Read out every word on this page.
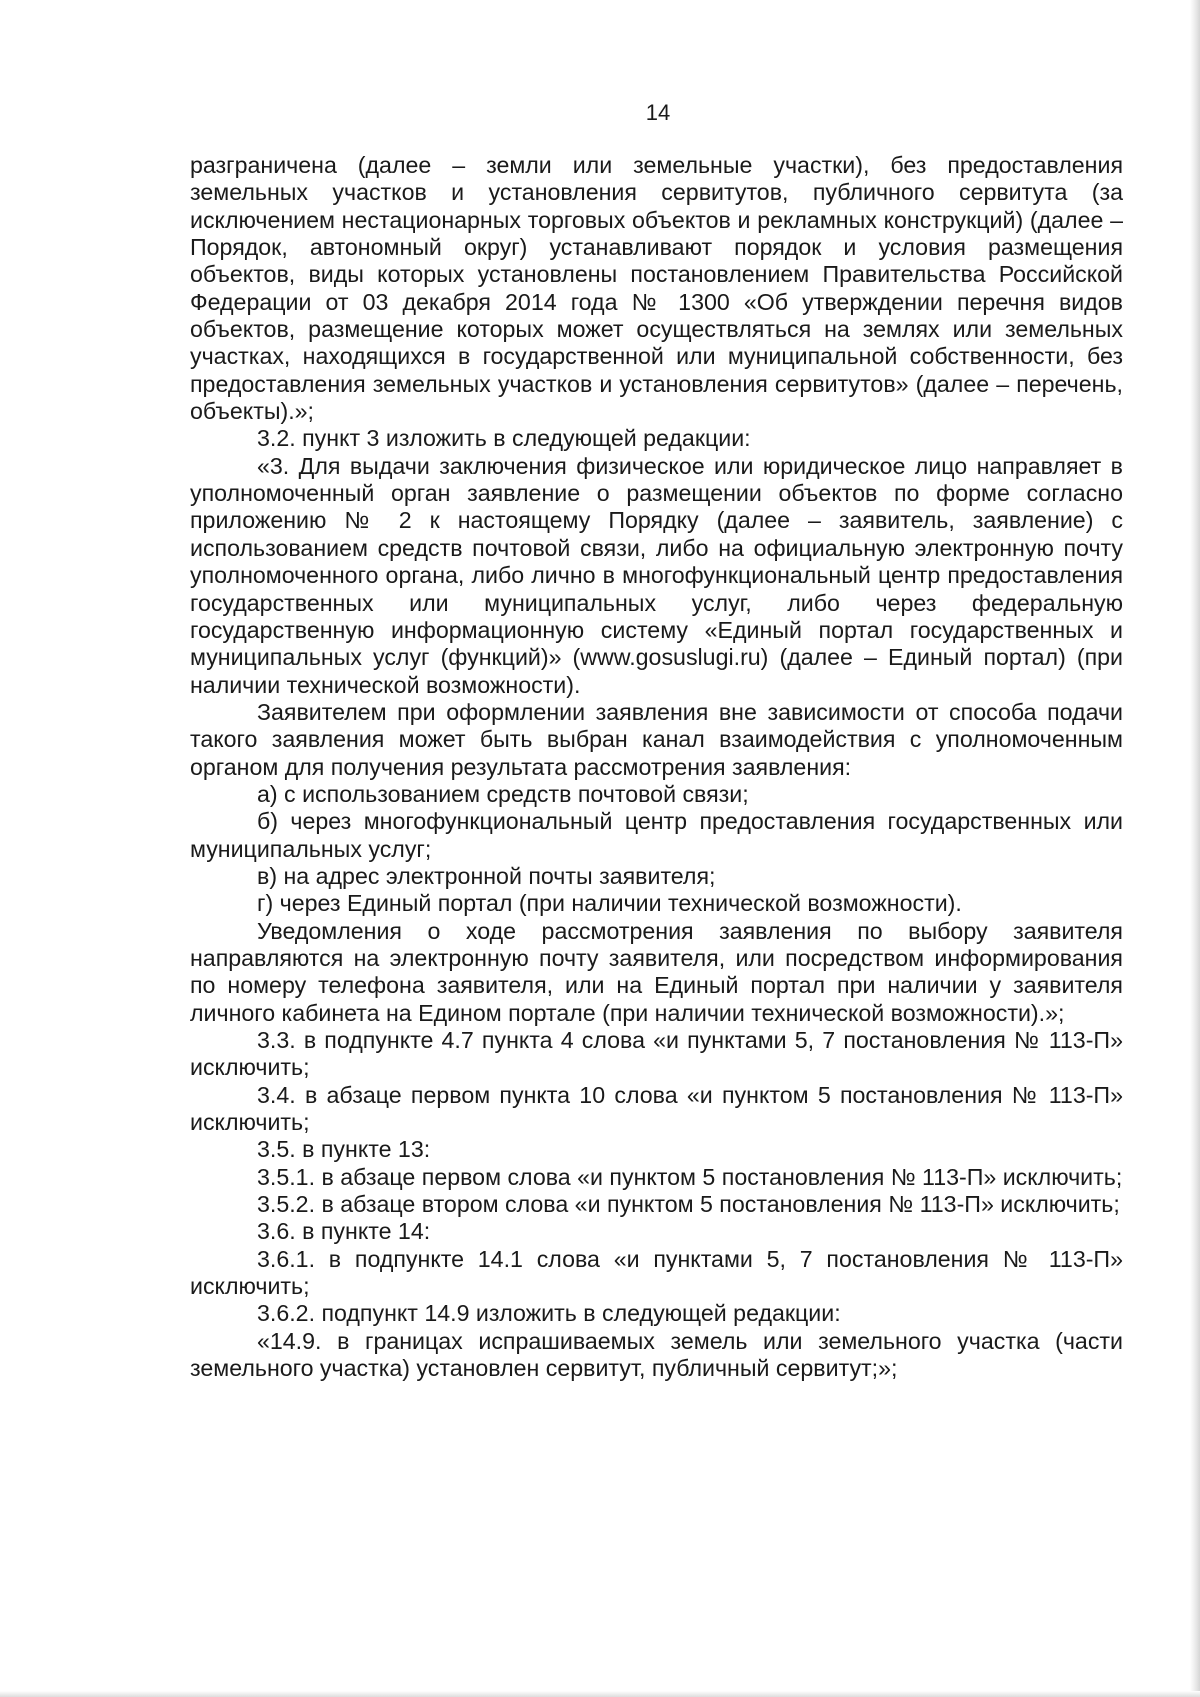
14

разграничена (далее – земли или земельные участки), без предоставления земельных участков и установления сервитутов, публичного сервитута (за исключением нестационарных торговых объектов и рекламных конструкций) (далее – Порядок, автономный округ) устанавливают порядок и условия размещения объектов, виды которых установлены постановлением Правительства Российской Федерации от 03 декабря 2014 года № 1300 «Об утверждении перечня видов объектов, размещение которых может осуществляться на землях или земельных участках, находящихся в государственной или муниципальной собственности, без предоставления земельных участков и установления сервитутов» (далее – перечень, объекты).»;

3.2. пункт 3 изложить в следующей редакции:

«3. Для выдачи заключения физическое или юридическое лицо направляет в уполномоченный орган заявление о размещении объектов по форме согласно приложению № 2 к настоящему Порядку (далее – заявитель, заявление) с использованием средств почтовой связи, либо на официальную электронную почту уполномоченного органа, либо лично в многофункциональный центр предоставления государственных или муниципальных услуг, либо через федеральную государственную информационную систему «Единый портал государственных и муниципальных услуг (функций)» (www.gosuslugi.ru) (далее – Единый портал) (при наличии технической возможности).

Заявителем при оформлении заявления вне зависимости от способа подачи такого заявления может быть выбран канал взаимодействия с уполномоченным органом для получения результата рассмотрения заявления:

а) с использованием средств почтовой связи;

б) через многофункциональный центр предоставления государственных или муниципальных услуг;

в) на адрес электронной почты заявителя;

г) через Единый портал (при наличии технической возможности).

Уведомления о ходе рассмотрения заявления по выбору заявителя направляются на электронную почту заявителя, или посредством информирования по номеру телефона заявителя, или на Единый портал при наличии у заявителя личного кабинета на Едином портале (при наличии технической возможности).»;

3.3. в подпункте 4.7 пункта 4 слова «и пунктами 5, 7 постановления № 113-П» исключить;

3.4. в абзаце первом пункта 10 слова «и пунктом 5 постановления № 113-П» исключить;

3.5. в пункте 13:

3.5.1. в абзаце первом слова «и пунктом 5 постановления № 113-П» исключить;

3.5.2. в абзаце втором слова «и пунктом 5 постановления № 113-П» исключить;

3.6. в пункте 14:

3.6.1. в подпункте 14.1 слова «и пунктами 5, 7 постановления № 113-П» исключить;

3.6.2. подпункт 14.9 изложить в следующей редакции:

«14.9. в границах испрашиваемых земель или земельного участка (части земельного участка) установлен сервитут, публичный сервитут;»;
